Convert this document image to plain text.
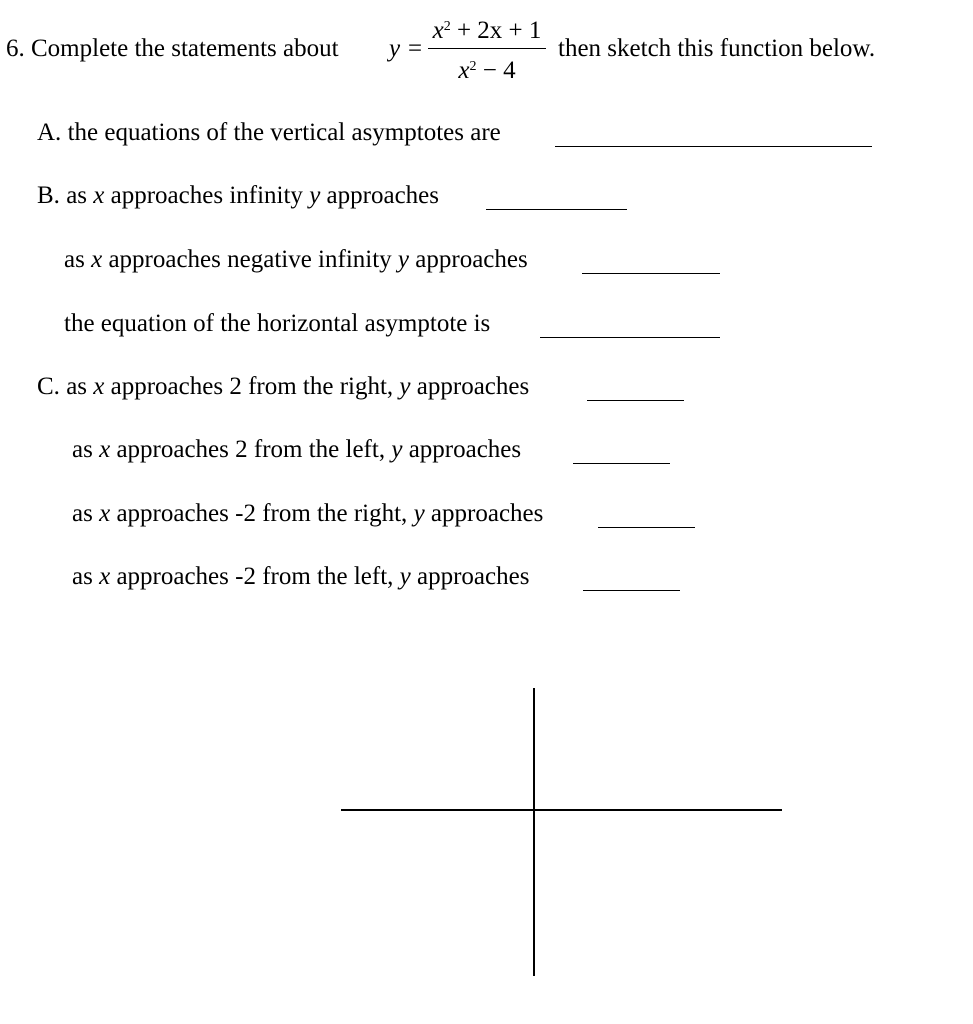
6. Complete the statements about y =
$x^2 + 2x + 1$
$x^2 - 4$
then sketch this function below.
A. the equations of the vertical asymptotes are
B. as x approaches infinity y approaches
as x approaches negative infinity y approaches
the equation of the horizontal asymptote is
C. as x approaches 2 from the right, y approaches
as x approaches 2 from the left, y approaches
as x approaches -2 from the right, y approaches
as x approaches -2 from the left, y approaches
